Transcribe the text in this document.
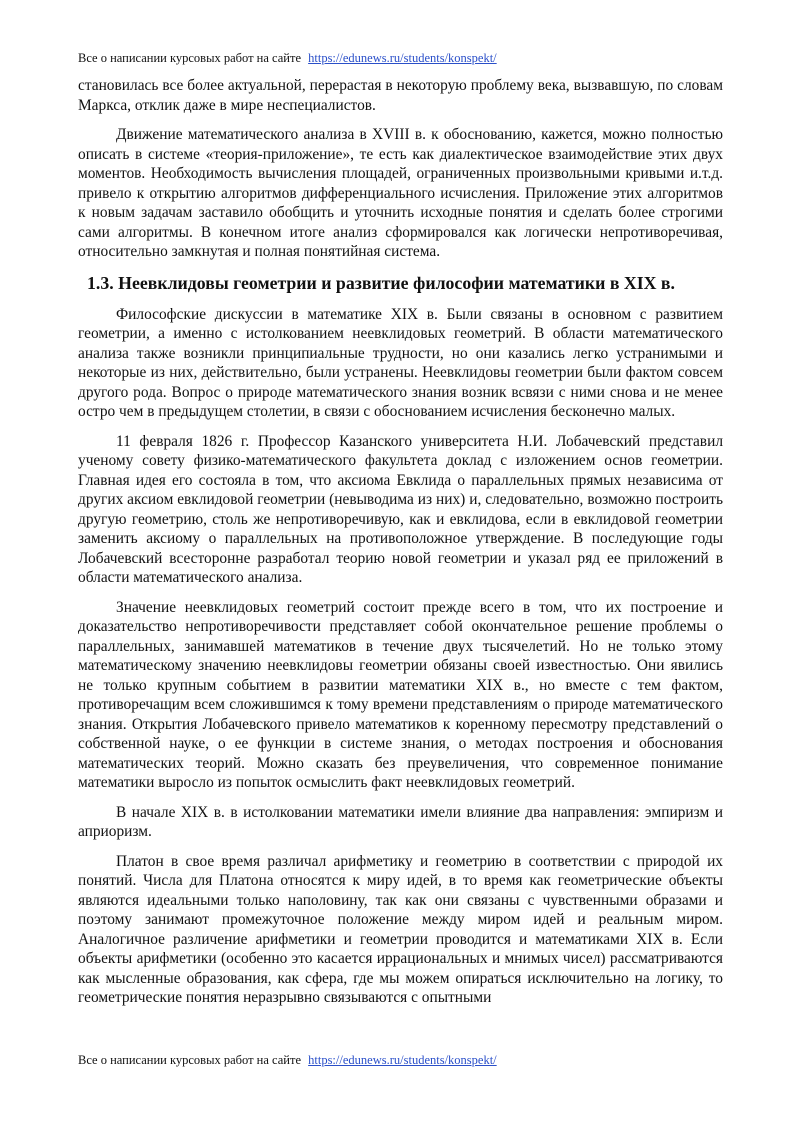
Все о написании курсовых работ на сайте https://edunews.ru/students/konspekt/

становилась все более актуальной, перерастая в некоторую проблему века, вызвавшую, по словам Маркса, отклик даже в мире неспециалистов.

Движение математического анализа в XVIII в. к обоснованию, кажется, можно полностью описать в системе «теория-приложение», те есть как диалектическое взаимодействие этих двух моментов. Необходимость вычисления площадей, ограниченных произвольными кривыми и.т.д. привело к открытию алгоритмов дифференциального исчисления. Приложение этих алгоритмов к новым задачам заставило обобщить и уточнить исходные понятия и сделать более строгими сами алгоритмы. В конечном итоге анализ сформировался как логически непротиворечивая, относительно замкнутая и полная понятийная система.

1.3. Неевклидовы геометрии и развитие философии математики в XIX в.

Философские дискуссии в математике XIX в. Были связаны в основном с развитием геометрии, а именно с истолкованием неевклидовых геометрий. В области математического анализа также возникли принципиальные трудности, но они казались легко устранимыми и некоторые из них, действительно, были устранены. Неевклидовы геометрии были фактом совсем другого рода. Вопрос о природе математического знания возник всвязи с ними снова и не менее остро чем в предыдущем столетии, в связи с обоснованием исчисления бесконечно малых.

11 февраля 1826 г. Профессор Казанского университета Н.И. Лобачевский представил ученому совету физико-математического факультета доклад с изложением основ геометрии. Главная идея его состояла в том, что аксиома Евклида о параллельных прямых независима от других аксиом евклидовой геометрии (невыводима из них) и, следовательно, возможно построить другую геометрию, столь же непротиворечивую, как и евклидова, если в евклидовой геометрии заменить аксиому о параллельных на противоположное утверждение. В последующие годы Лобачевский всесторонне разработал теорию новой геометрии и указал ряд ее приложений в области математического анализа.

Значение неевклидовых геометрий состоит прежде всего в том, что их построение и доказательство непротиворечивости представляет собой окончательное решение проблемы о параллельных, занимавшей математиков в течение двух тысячелетий. Но не только этому математическому значению неевклидовы геометрии обязаны своей известностью. Они явились не только крупным событием в развитии математики XIX в., но вместе с тем фактом, противоречащим всем сложившимся к тому времени представлениям о природе математического знания. Открытия Лобачевского привело математиков к коренному пересмотру представлений о собственной науке, о ее функции в системе знания, о методах построения и обоснования математических теорий. Можно сказать без преувеличения, что современное понимание математики выросло из попыток осмыслить факт неевклидовых геометрий.

В начале XIX в. в истолковании математики имели влияние два направления: эмпиризм и априоризм.

Платон в свое время различал арифметику и геометрию в соответствии с природой их понятий. Числа для Платона относятся к миру идей, в то время как геометрические объекты являются идеальными только наполовину, так как они связаны с чувственными образами и поэтому занимают промежуточное положение между миром идей и реальным миром. Аналогичное различение арифметики и геометрии проводится и математиками XIX в. Если объекты арифметики (особенно это касается иррациональных и мнимых чисел) рассматриваются как мысленные образования, как сфера, где мы можем опираться исключительно на логику, то геометрические понятия неразрывно связываются с опытными

Все о написании курсовых работ на сайте https://edunews.ru/students/konspekt/
